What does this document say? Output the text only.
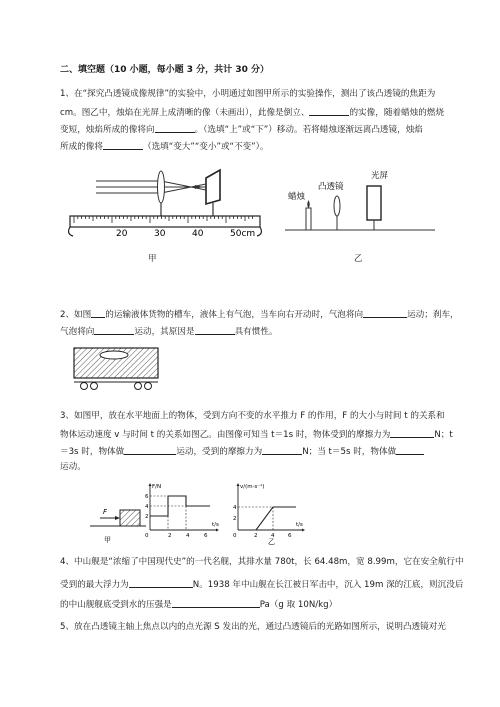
二、填空题（10 小题，每小题 3 分，共计 30 分）
1、在“探究凸透镜成像规律”的实验中，小明通过如图甲所示的实验操作，测出了该凸透镜的焦距为
cm。图乙中，烛焰在光屏上成清晰的像（未画出），此像是倒立、	的实像，随着蜡烛的燃烧
变短，烛焰所成的像将向	。（选填“上”或“下”）移动。若将蜡烛逐渐远离凸透镜，烛焰
所成的像将	（选填“变大”“变小”或“不变”）。
20	30	40	50cm
甲
蜡烛
凸透镜
光屏
乙
2、如图 的运输液体货物的槽车，液体上有气泡，当车向右开动时，气泡将向	运动；刹车，
气泡将向	运动，其原因是	具有惯性。
3、如图甲，放在水平地面上的物体，受到方向不变的水平推力 F 的作用，F 的大小与时间 t 的关系和
物体运动速度 v 与时间 t 的关系如图乙。由图像可知当 t＝1s 时，物体受到的摩擦力为	N；t
＝3s 时，物体做	运动，受到的摩擦力为	N；当 t＝5s 时，物体做
运动。
F
甲
F/N
6
4
2
0	2	4	6
t/s
v/(m·s⁻¹)
4
2
0	2 4 6
t/s
乙
4、中山舰是“浓缩了中国现代史”的一代名舰，其排水量 780t，长 64.48m，宽 8.99m，它在安全航行中
受到的最大浮力为	N。1938 年中山舰在长江被日军击中，沉入 19m 深的江底，则沉没后
的中山舰舰底受到水的压强是	Pa（g 取 10N/kg）
5、放在凸透镜主轴上焦点以内的点光源 S 发出的光，通过凸透镜后的光路如图所示，说明凸透镜对光
